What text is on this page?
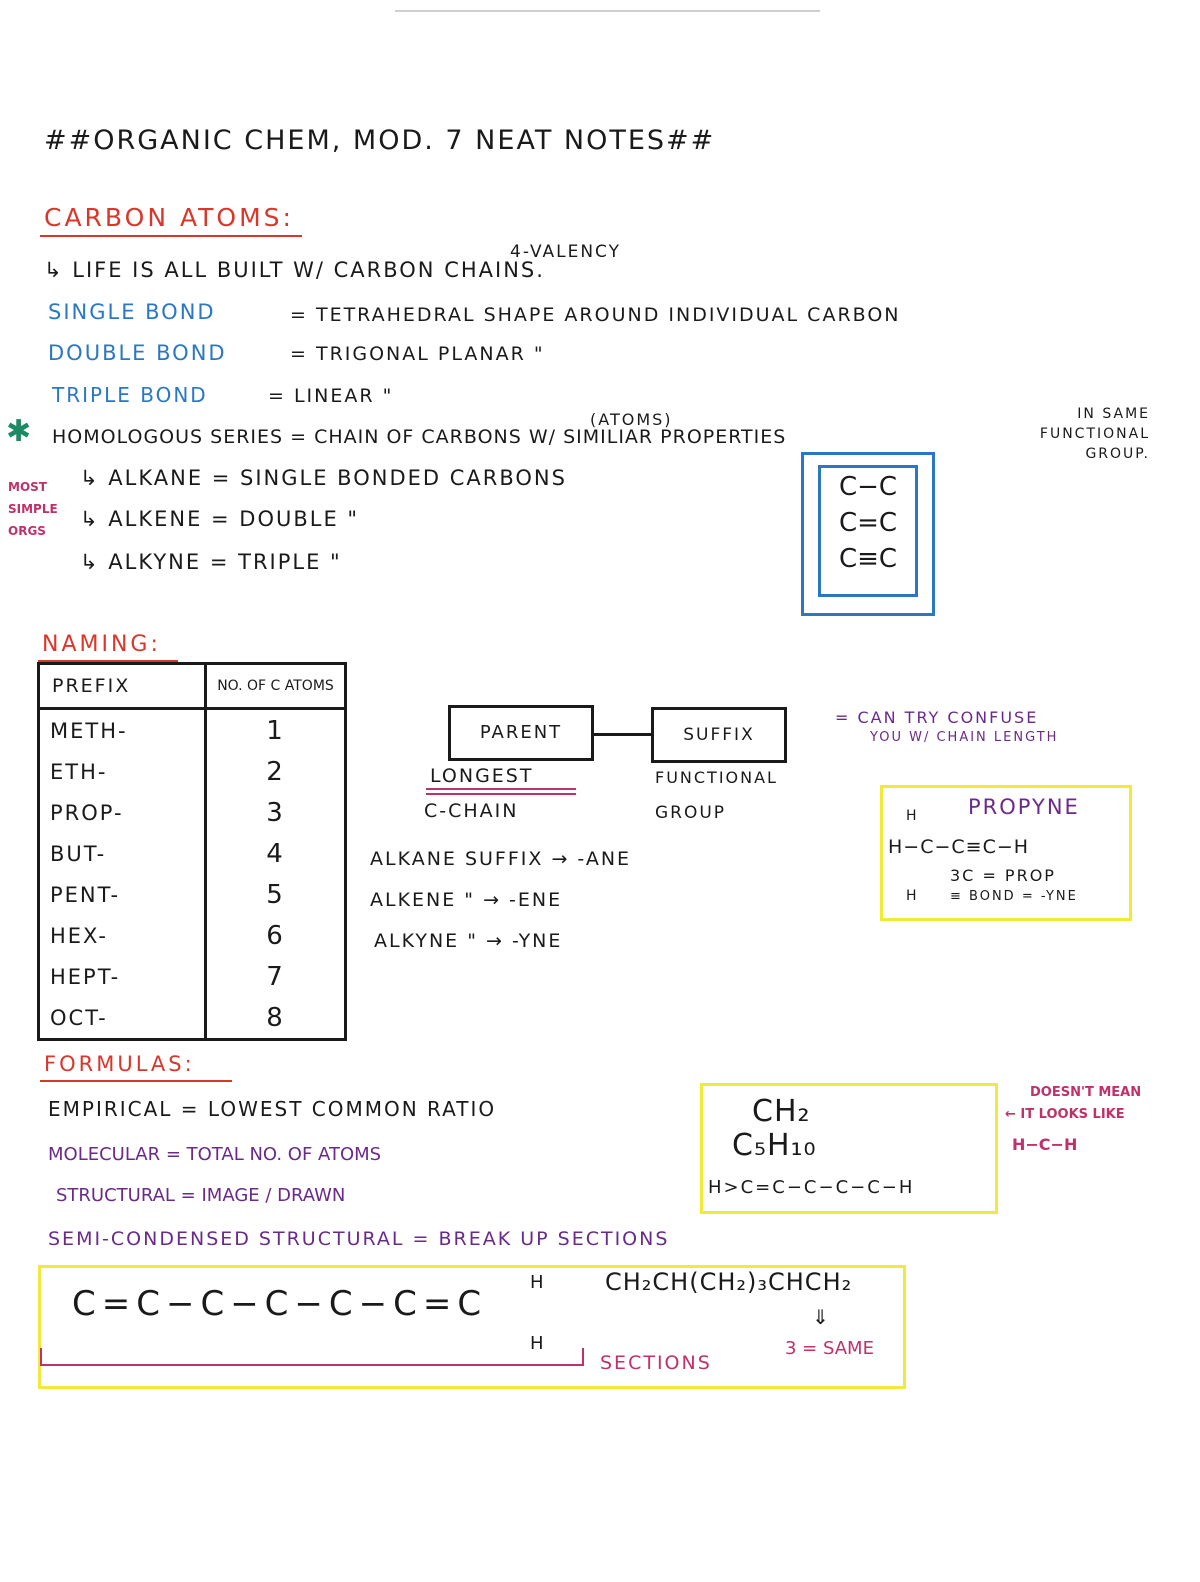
##ORGANIC CHEM, MOD. 7 NEAT NOTES##
CARBON ATOMS:
4-VALENCY
↳ LIFE IS ALL BUILT W/ CARBON CHAINS.
SINGLE BOND	= TETRAHEDRAL SHAPE AROUND INDIVIDUAL CARBON
DOUBLE BOND	= TRIGONAL PLANAR "
TRIPLE BOND	= LINEAR "
(ATOMS)
✱ HOMOLOGOUS SERIES = CHAIN OF CARBONS W/ SIMILIAR PROPERTIES
IN SAME FUNCTIONAL GROUP.
MOST SIMPLE ORGS
↳ ALKANE = SINGLE BONDED CARBONS
↳ ALKENE = DOUBLE "
↳ ALKYNE = TRIPLE "
C−C
C=C
C≡C
NAMING:
PREFIX	NO. OF C ATOMS
METH-	1
ETH-	2
PROP-	3
BUT-	4
PENT-	5
HEX-	6
HEPT-	7
OCT-	8
PARENT	SUFFIX
LONGEST
C-CHAIN
FUNCTIONAL
GROUP
ALKANE SUFFIX → -ANE
ALKENE " → -ENE
ALKYNE " → -YNE
= CAN TRY CONFUSE
YOU W/ CHAIN LENGTH
PROPYNE
H
H−C−C≡C−H
H
3C = PROP
≡ BOND = -YNE
FORMULAS:
EMPIRICAL = LOWEST COMMON RATIO
MOLECULAR = TOTAL NO. OF ATOMS
STRUCTURAL = IMAGE / DRAWN
SEMI-CONDENSED STRUCTURAL = BREAK UP SECTIONS
CH₂
C₅H₁₀
H>C=C−C−C−C−H
DOESN'T MEAN
← IT LOOKS LIKE
H−C−H
C=C−C−C−C−C=C
H
H
CH₂CH(CH₂)₃CHCH₂
⇓
3 = SAME
SECTIONS
